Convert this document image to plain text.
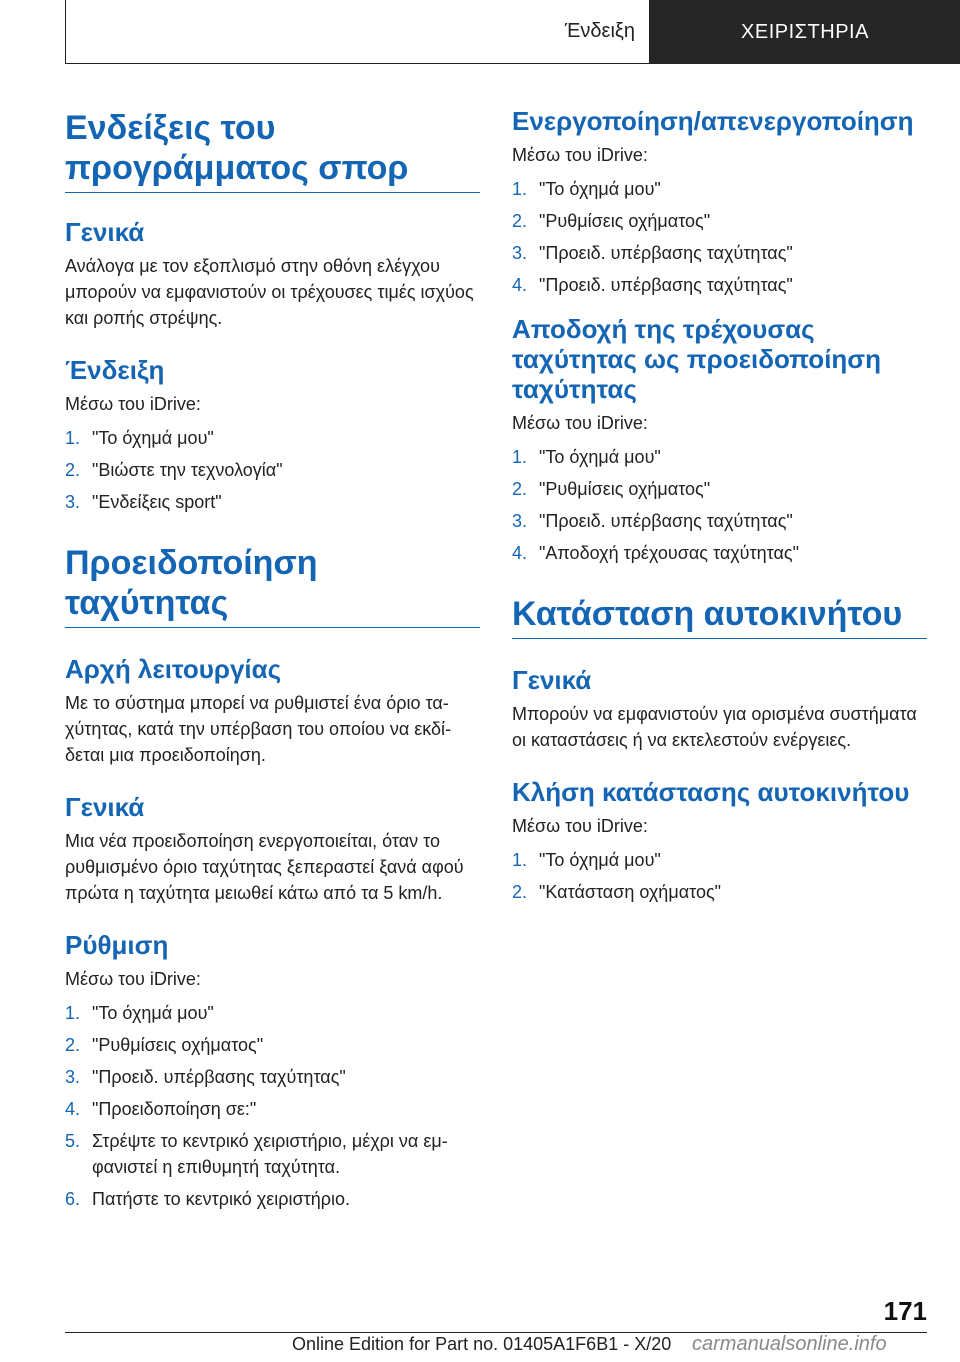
Ένδειξη	ΧΕΙΡΙΣΤΗΡΙΑ
Ενδείξεις του προγράμματος σπορ
Γενικά

Ανάλογα με τον εξοπλισμό στην οθόνη ελέγχου μπορούν να εμφανιστούν οι τρέχουσες τιμές ισχύος και ροπής στρέψης.

Ένδειξη

Μέσω του iDrive:

1. "Το όχημά μου"
2. "Βιώστε την τεχνολογία"
3. "Ενδείξεις sport"
Προειδοποίηση ταχύτητας
Αρχή λειτουργίας

Με το σύστημα μπορεί να ρυθμιστεί ένα όριο ταχύτητας, κατά την υπέρβαση του οποίου να εκδίδεται μια προειδοποίηση.

Γενικά

Μια νέα προειδοποίηση ενεργοποιείται, όταν το ρυθμισμένο όριο ταχύτητας ξεπεραστεί ξανά αφού πρώτα η ταχύτητα μειωθεί κάτω από τα 5 km/h.

Ρύθμιση

Μέσω του iDrive:

1. "Το όχημά μου"
2. "Ρυθμίσεις οχήματος"
3. "Προειδ. υπέρβασης ταχύτητας"
4. "Προειδοποίηση σε:"
5. Στρέψτε το κεντρικό χειριστήριο, μέχρι να εμφανιστεί η επιθυμητή ταχύτητα.
6. Πατήστε το κεντρικό χειριστήριο.
Ενεργοποίηση/απενεργοποίηση

Μέσω του iDrive:

1. "Το όχημά μου"
2. "Ρυθμίσεις οχήματος"
3. "Προειδ. υπέρβασης ταχύτητας"
4. "Προειδ. υπέρβασης ταχύτητας"
Αποδοχή της τρέχουσας ταχύτητας ως προειδοποίηση ταχύτητας

Μέσω του iDrive:

1. "Το όχημά μου"
2. "Ρυθμίσεις οχήματος"
3. "Προειδ. υπέρβασης ταχύτητας"
4. "Αποδοχή τρέχουσας ταχύτητας"
Κατάσταση αυτοκινήτου
Γενικά

Μπορούν να εμφανιστούν για ορισμένα συστήματα οι καταστάσεις ή να εκτελεστούν ενέργειες.

Κλήση κατάστασης αυτοκινήτου

Μέσω του iDrive:

1. "Το όχημά μου"
2. "Κατάσταση οχήματος"
171
Online Edition for Part no. 01405A1F6B1 - X/20 carmanualsonline.info
